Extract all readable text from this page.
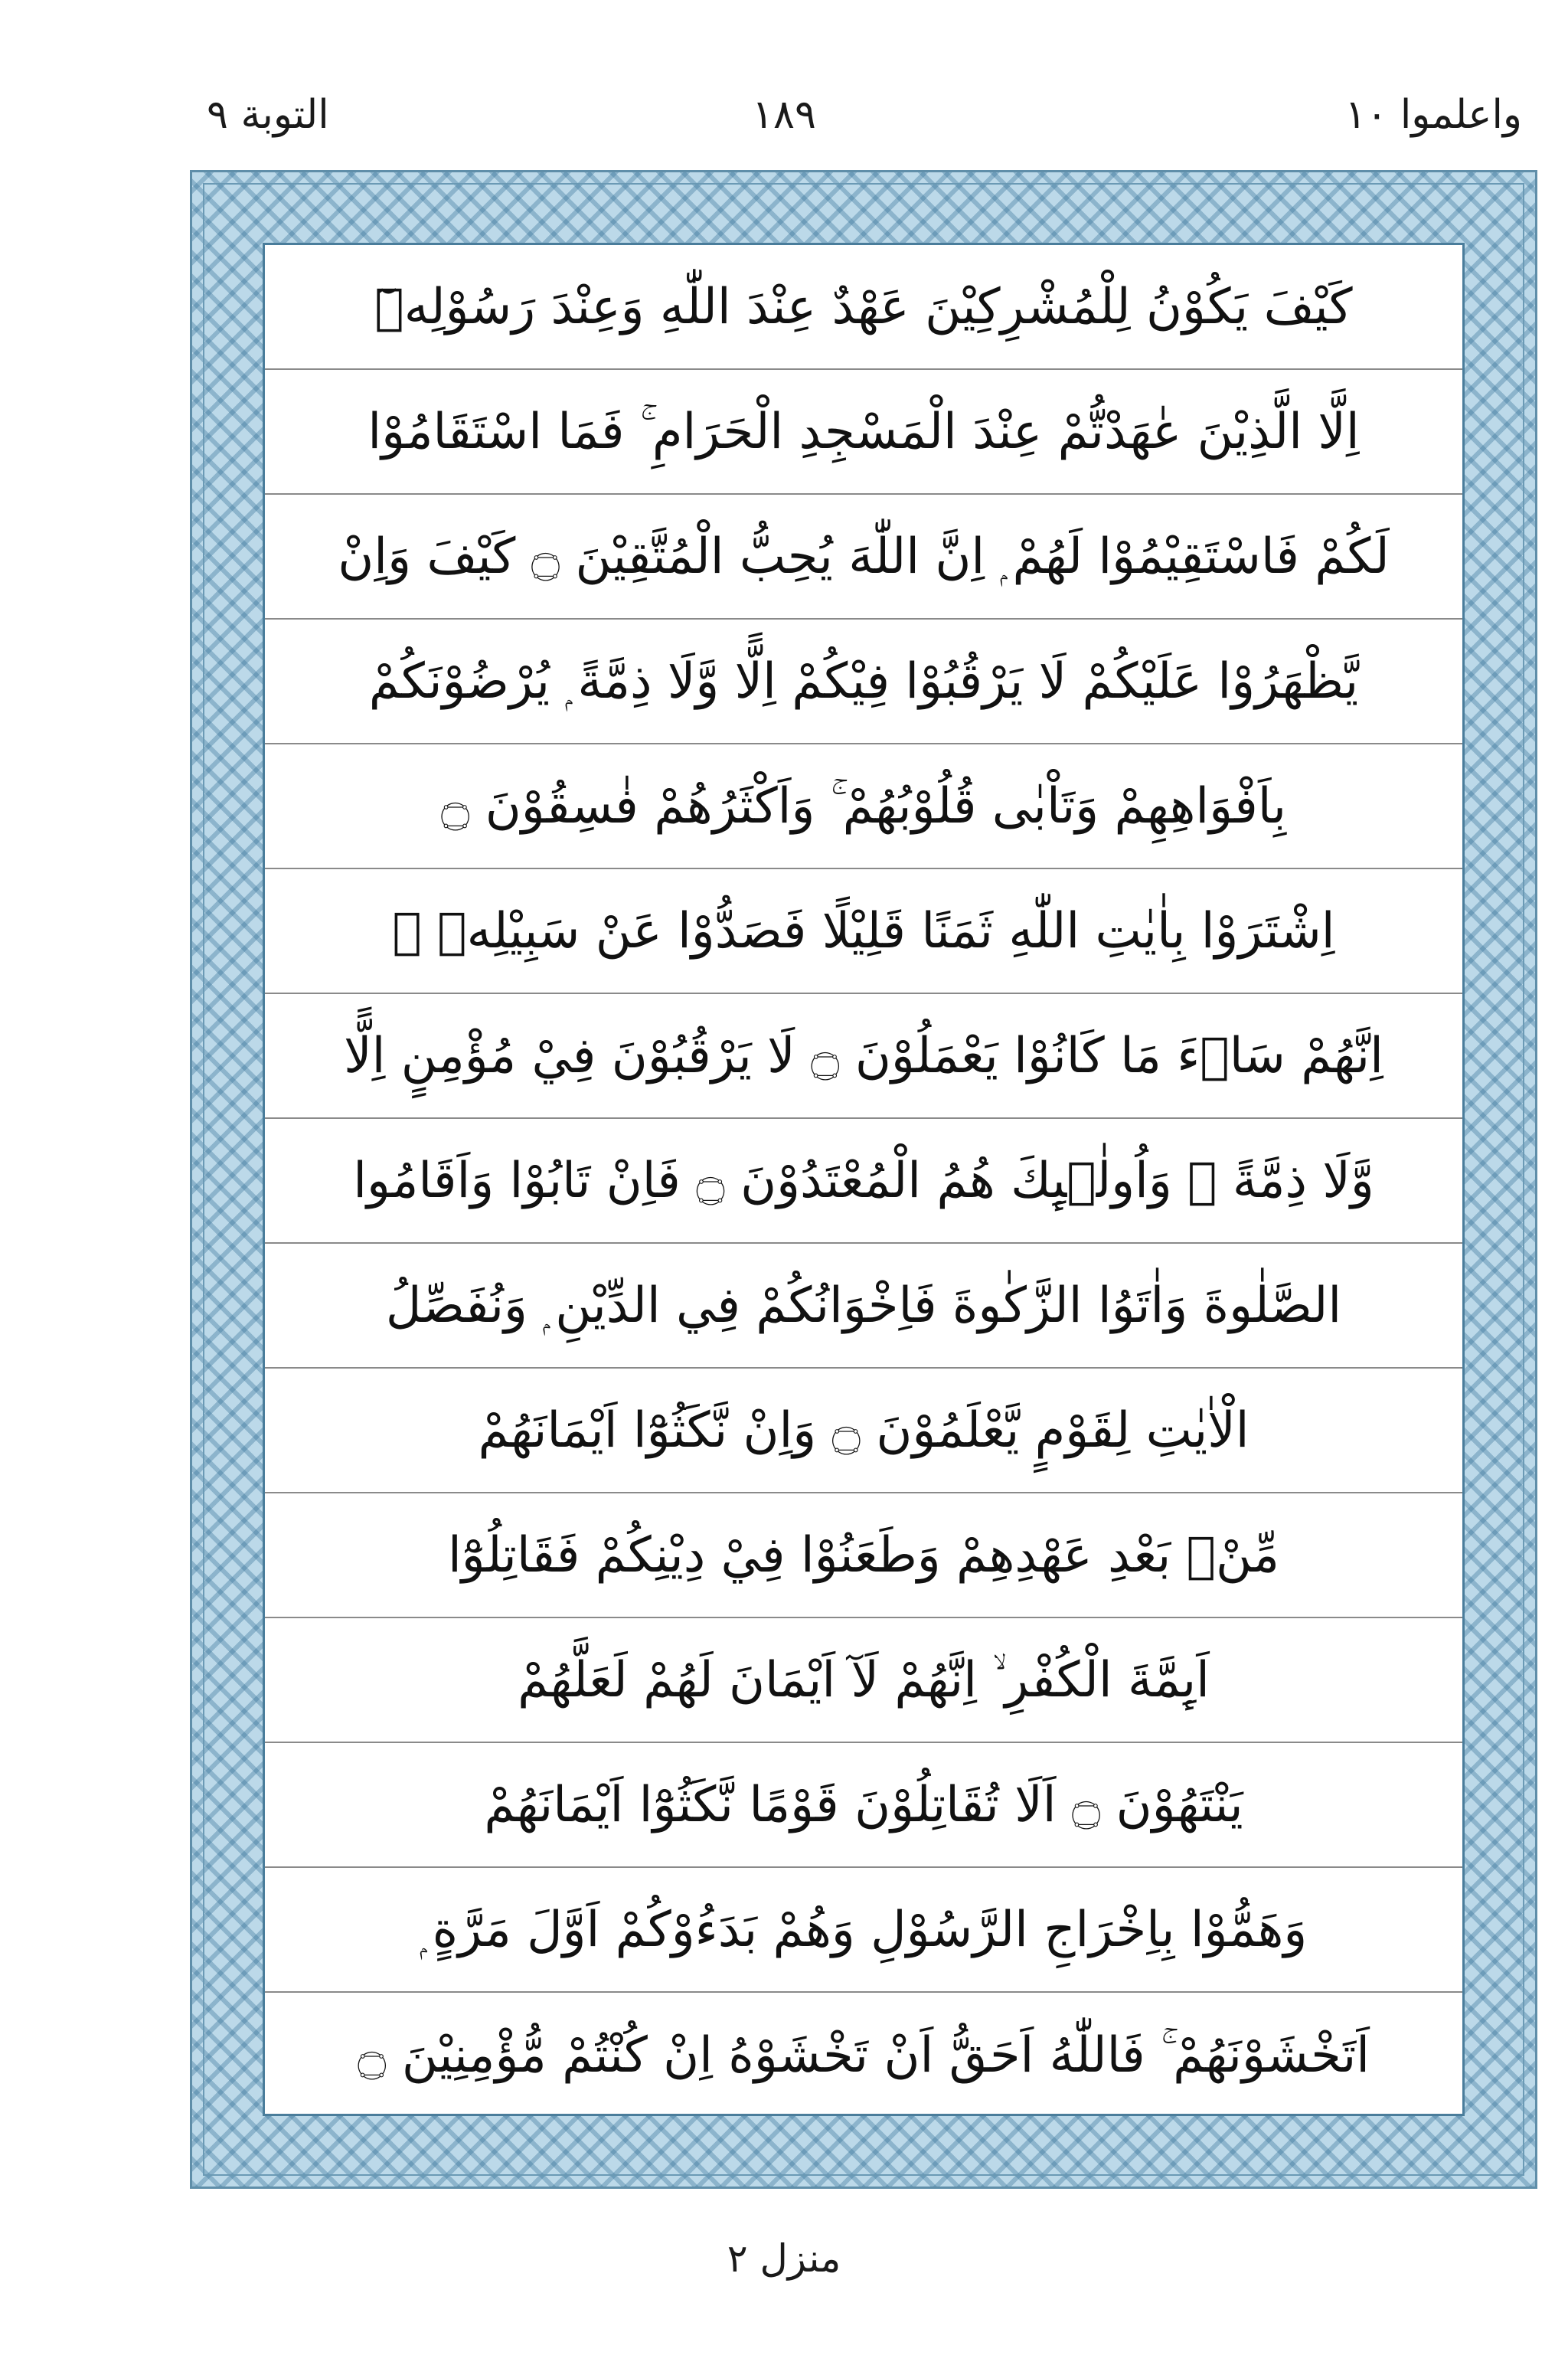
واعلموا ١٠
١٨٩
التوبة ٩
كَيْفَ يَكُوْنُ لِلْمُشْرِكِيْنَ عَهْدٌ عِنْدَ اللّٰهِ وَعِنْدَ رَسُوْلِهٖٓ
اِلَّا الَّذِيْنَ عٰهَدْتُّمْ عِنْدَ الْمَسْجِدِ الْحَرَامِ ۚ فَمَا اسْتَقَامُوْا
لَكُمْ فَاسْتَقِيْمُوْا لَهُمْ ۭ اِنَّ اللّٰهَ يُحِبُّ الْمُتَّقِيْنَ ۝ كَيْفَ وَاِنْ
يَّظْهَرُوْا عَلَيْكُمْ لَا يَرْقُبُوْا فِيْكُمْ اِلًّا وَّلَا ذِمَّةً ۭ يُرْضُوْنَكُمْ
بِاَفْوَاهِهِمْ وَتَاْبٰى قُلُوْبُهُمْ ۚ وَاَكْثَرُهُمْ فٰسِقُوْنَ ۝
اِشْتَرَوْا بِاٰيٰتِ اللّٰهِ ثَمَنًا قَلِيْلًا فَصَدُّوْا عَنْ سَبِيْلِهٖ ۭ
اِنَّهُمْ سَاۗءَ مَا كَانُوْا يَعْمَلُوْنَ ۝ لَا يَرْقُبُوْنَ فِيْ مُؤْمِنٍ اِلًّا
وَّلَا ذِمَّةً ۭ وَاُولٰۗىِٕكَ هُمُ الْمُعْتَدُوْنَ ۝ فَاِنْ تَابُوْا وَاَقَامُوا
الصَّلٰوةَ وَاٰتَوُا الزَّكٰوةَ فَاِخْوَانُكُمْ فِي الدِّيْنِ ۭ وَنُفَصِّلُ
الْاٰيٰتِ لِقَوْمٍ يَّعْلَمُوْنَ ۝ وَاِنْ نَّكَثُوْٓا اَيْمَانَهُمْ
مِّنْۢ بَعْدِ عَهْدِهِمْ وَطَعَنُوْا فِيْ دِيْنِكُمْ فَقَاتِلُوْٓا
اَىِٕمَّةَ الْكُفْرِ ۙ اِنَّهُمْ لَآ اَيْمَانَ لَهُمْ لَعَلَّهُمْ
يَنْتَهُوْنَ ۝ اَلَا تُقَاتِلُوْنَ قَوْمًا نَّكَثُوْٓا اَيْمَانَهُمْ
وَهَمُّوْا بِاِخْرَاجِ الرَّسُوْلِ وَهُمْ بَدَءُوْكُمْ اَوَّلَ مَرَّةٍ ۭ
اَتَخْشَوْنَهُمْ ۚ فَاللّٰهُ اَحَقُّ اَنْ تَخْشَوْهُ اِنْ كُنْتُمْ مُّؤْمِنِيْنَ ۝
منزل ٢
